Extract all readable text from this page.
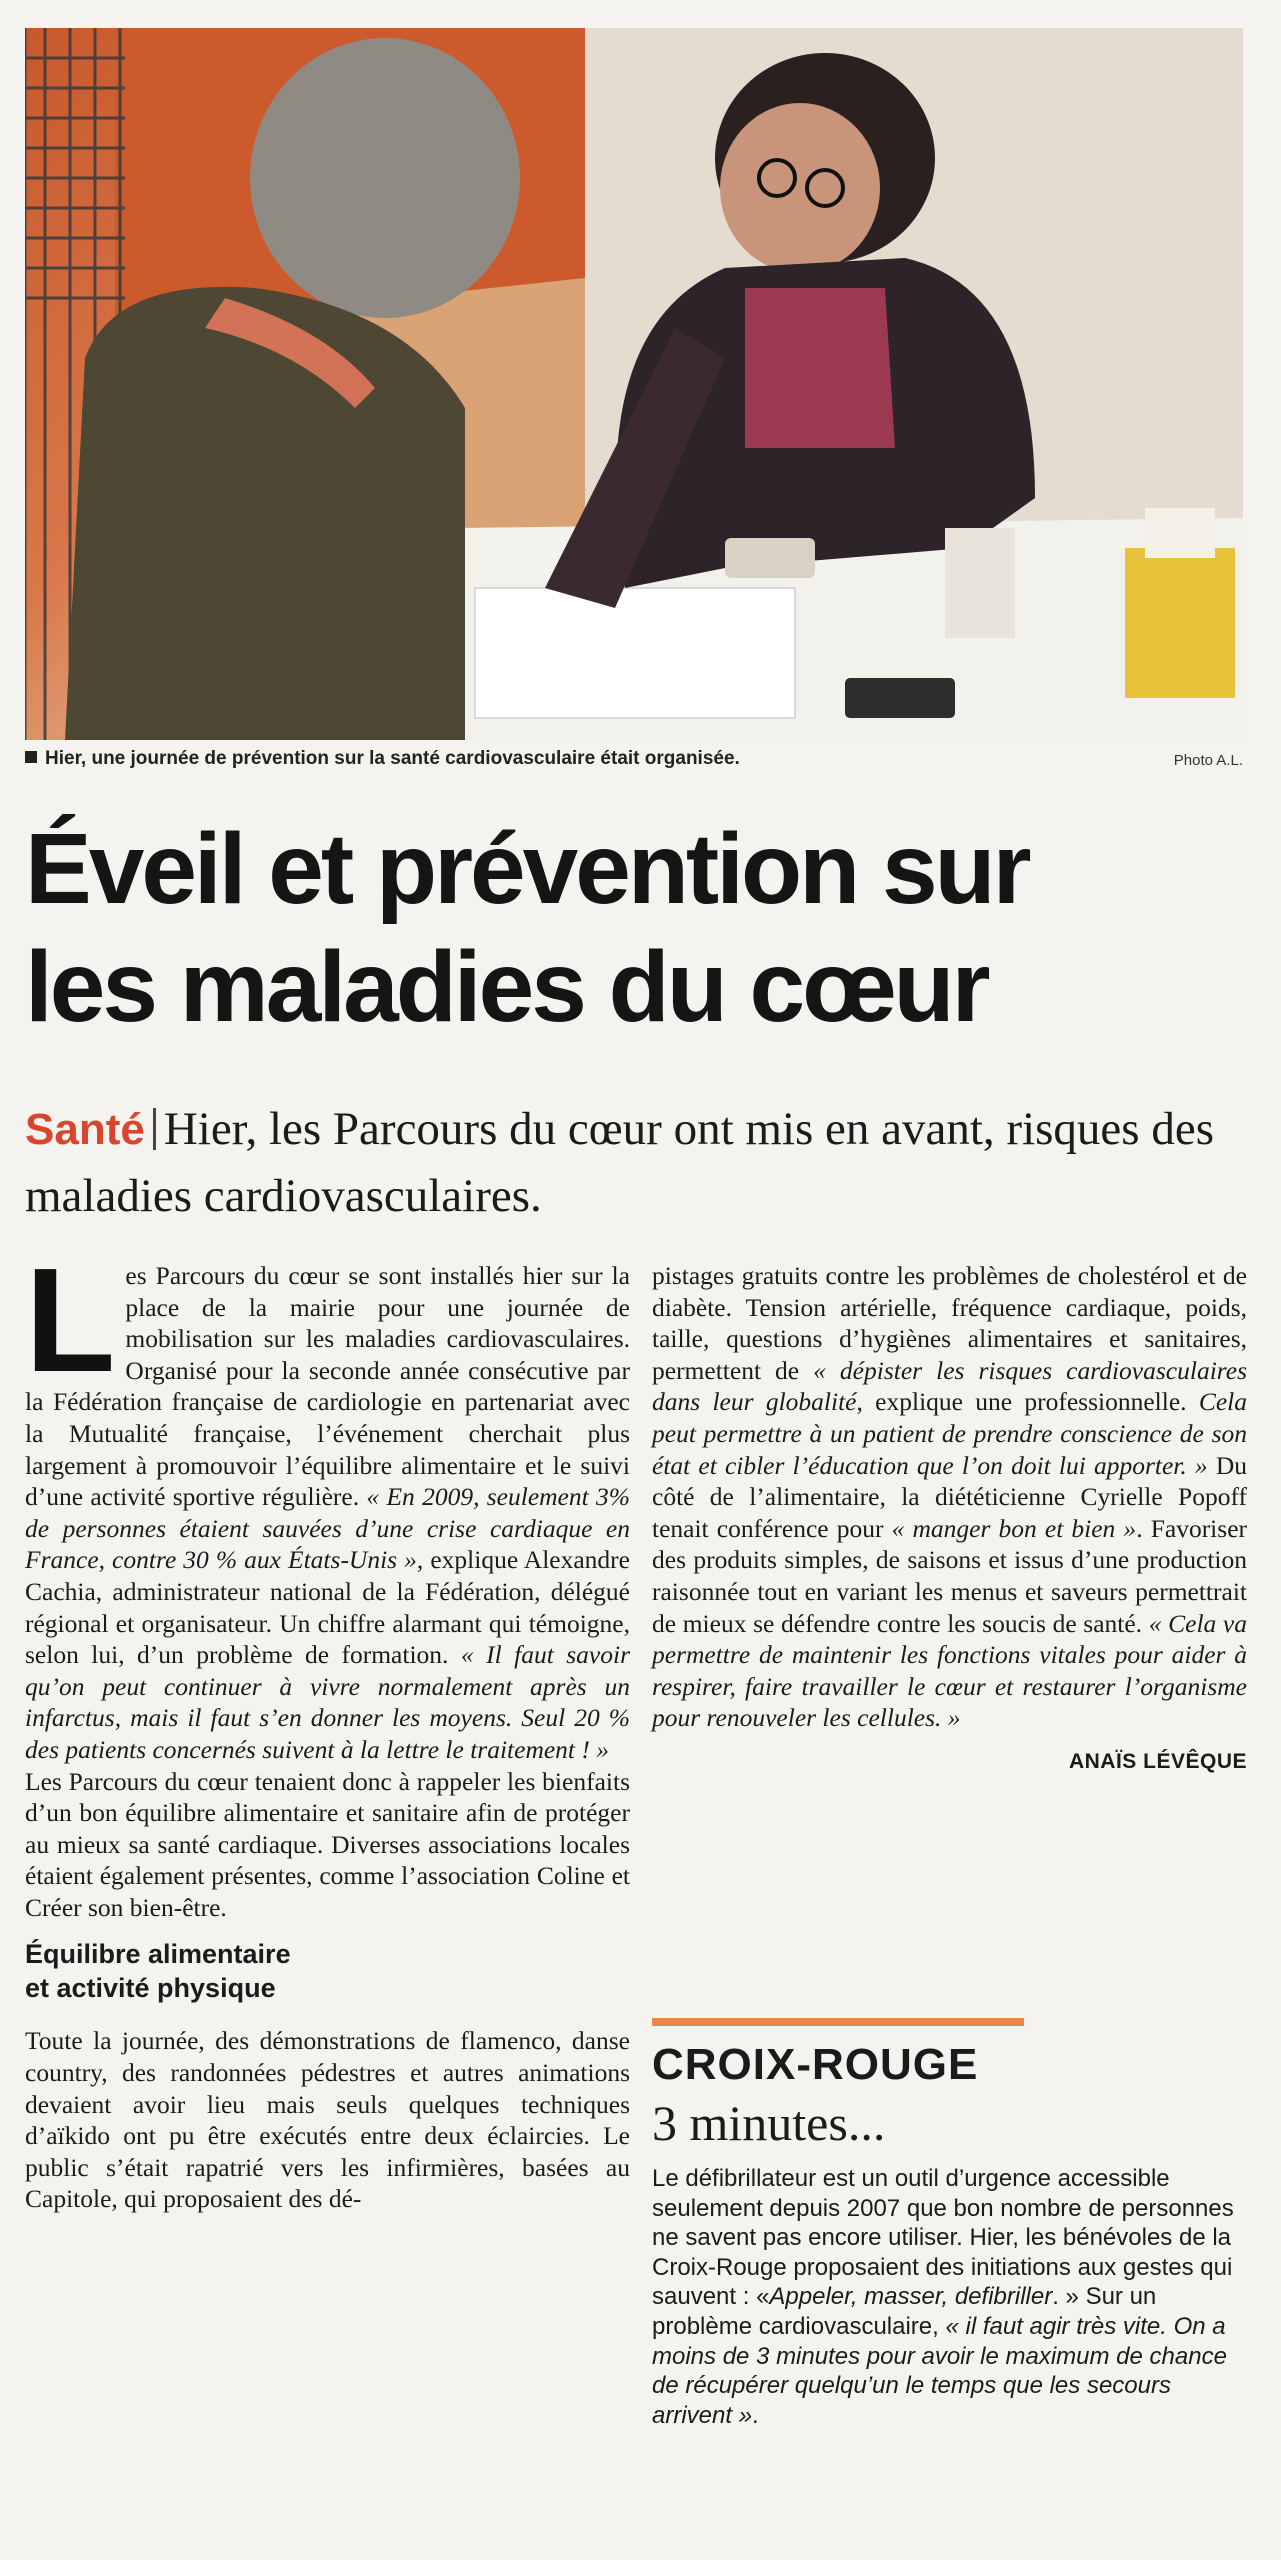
Hier, une journée de prévention sur la santé cardiovasculaire était organisée.	Photo A.L.
Éveil et prévention sur
les maladies du cœur
Santé Hier, les Parcours du cœur ont mis en avant, risques des maladies cardiovasculaires.

Les Parcours du cœur se sont installés hier sur la place de la mairie pour une journée de mobilisation sur les maladies cardiovasculaires. Organisé pour la seconde année consécutive par la Fédération française de cardiologie en partenariat avec la Mutualité française, l’événement cherchait plus largement à promouvoir l’équilibre alimentaire et le suivi d’une activité sportive régulière. « En 2009, seulement 3% de personnes étaient sauvées d’une crise cardiaque en France, contre 30 % aux États-Unis », explique Alexandre Cachia, administrateur national de la Fédération, délégué régional et organisateur. Un chiffre alarmant qui témoigne, selon lui, d’un problème de formation. « Il faut savoir qu’on peut continuer à vivre normalement après un infarctus, mais il faut s’en donner les moyens. Seul 20 % des patients concernés suivent à la lettre le traitement ! »

Les Parcours du cœur tenaient donc à rappeler les bienfaits d’un bon équilibre alimentaire et sanitaire afin de protéger au mieux sa santé cardiaque. Diverses associations locales étaient également présentes, comme l’association Coline et Créer son bien-être.

Équilibre alimentaire
et activité physique

Toute la journée, des démonstrations de flamenco, danse country, des randonnées pédestres et autres animations devaient avoir lieu mais seuls quelques techniques d’aïkido ont pu être exécutés entre deux éclaircies. Le public s’était rapatrié vers les infirmières, basées au Capitole, qui proposaient des dé-

pistages gratuits contre les problèmes de cholestérol et de diabète. Tension artérielle, fréquence cardiaque, poids, taille, questions d’hygiènes alimentaires et sanitaires, permettent de « dépister les risques cardiovasculaires dans leur globalité, explique une professionnelle. Cela peut permettre à un patient de prendre conscience de son état et cibler l’éducation que l’on doit lui apporter. » Du côté de l’alimentaire, la diététicienne Cyrielle Popoff tenait conférence pour « manger bon et bien ». Favoriser des produits simples, de saisons et issus d’une production raisonnée tout en variant les menus et saveurs permettrait de mieux se défendre contre les soucis de santé. « Cela va permettre de maintenir les fonctions vitales pour aider à respirer, faire travailler le cœur et restaurer l’organisme pour renouveler les cellules. »

ANAÏS LÉVÊQUE
CROIX-ROUGE
3 minutes...
Le défibrillateur est un outil d’urgence accessible seulement depuis 2007 que bon nombre de personnes ne savent pas encore utiliser. Hier, les bénévoles de la Croix-Rouge proposaient des initiations aux gestes qui sauvent : «Appeler, masser, defibriller. » Sur un problème cardiovasculaire, « il faut agir très vite. On a moins de 3 minutes pour avoir le maximum de chance de récupérer quelqu’un le temps que les secours arrivent ».
